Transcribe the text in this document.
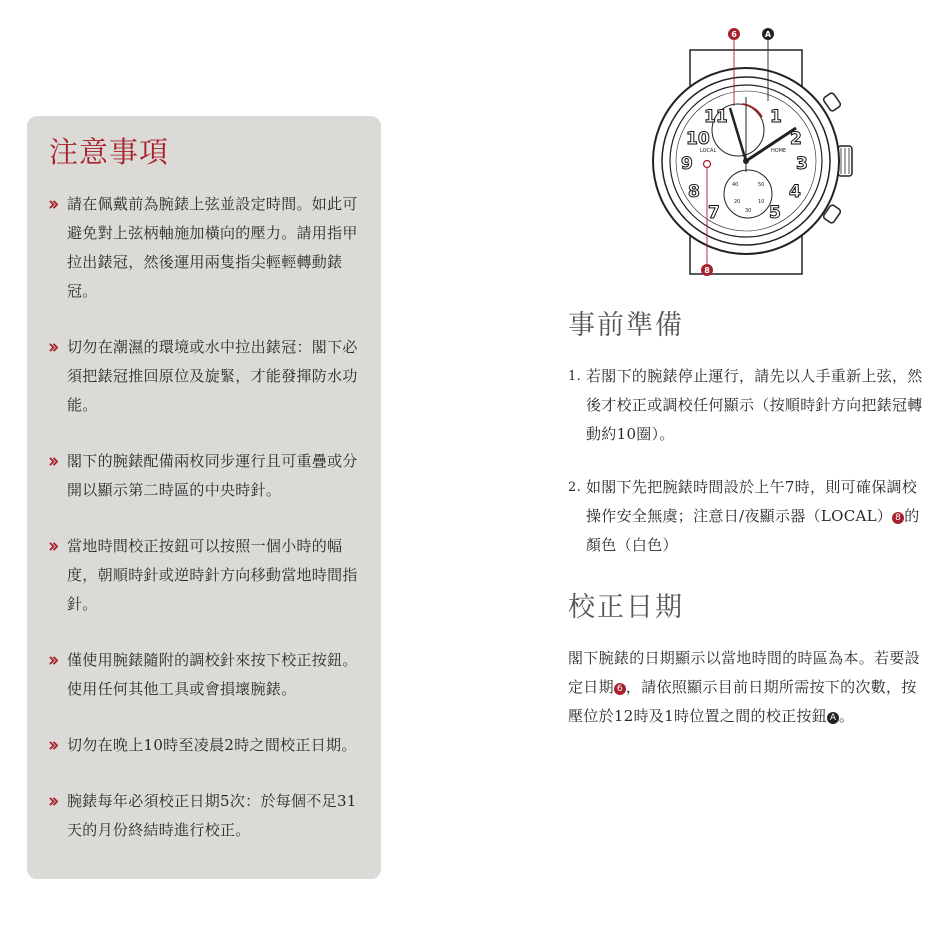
注意事項
請在佩戴前為腕錶上弦並設定時間。如此可避免對上弦柄軸施加橫向的壓力。請用指甲拉出錶冠，然後運用兩隻指尖輕輕轉動錶冠。
切勿在潮濕的環境或水中拉出錶冠：閣下必須把錶冠推回原位及旋緊，才能發揮防水功能。
閣下的腕錶配備兩枚同步運行且可重疊或分開以顯示第二時區的中央時針。
當地時間校正按鈕可以按照一個小時的幅度，朝順時針或逆時針方向移動當地時間指針。
僅使用腕錶隨附的調校針來按下校正按鈕。使用任何其他工具或會損壞腕錶。
切勿在晚上10時至凌晨2時之間校正日期。
腕錶每年必須校正日期5次：於每個不足31天的月份終結時進行校正。
10
20
30
40	50
1
2
3
4
5
7
8
9
10
11
LOCAL	HOME
6	A
8
事前準備
1. 若閣下的腕錶停止運行，請先以人手重新上弦，然後才校正或調校任何顯示（按順時針方向把錶冠轉動約10圈）。
2. 如閣下先把腕錶時間設於上午7時，則可確保調校操作安全無虞；注意日/夜顯示器（LOCAL） 8 的顏色（白色）
校正日期
閣下腕錶的日期顯示以當地時間的時區為本。若要設定日期 6 ，請依照顯示目前日期所需按下的次數，按壓位於12時及1時位置之間的校正按鈕 A 。
